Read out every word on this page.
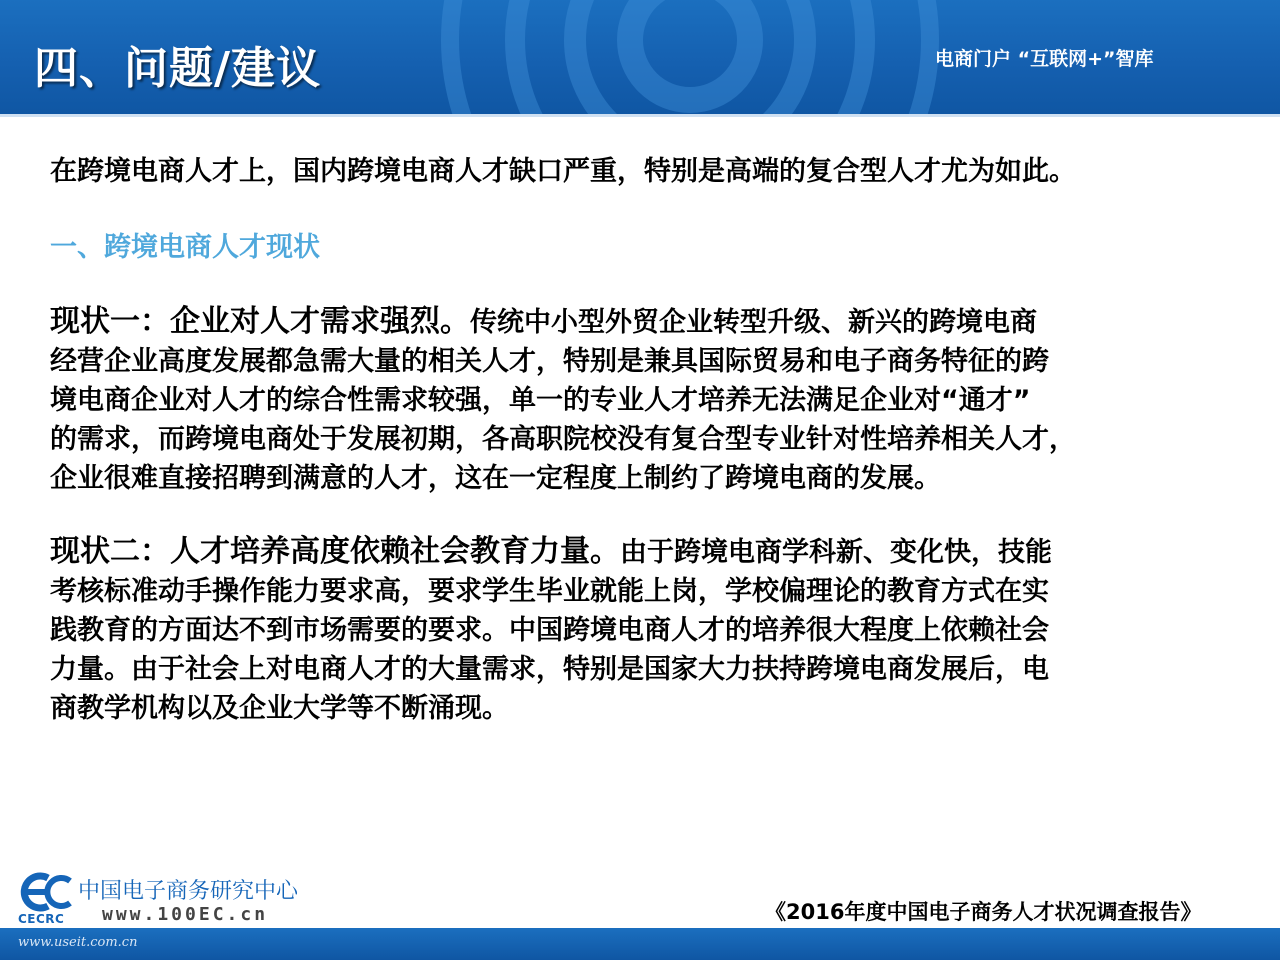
四、问题/建议	电商门户 “互联网+”智库

在跨境电商人才上，国内跨境电商人才缺口严重，特别是高端的复合型人才尤为如此。

一、跨境电商人才现状

现状一：企业对人才需求强烈。传统中小型外贸企业转型升级、新兴的跨境电商
经营企业高度发展都急需大量的相关人才，特别是兼具国际贸易和电子商务特征的跨
境电商企业对人才的综合性需求较强，单一的专业人才培养无法满足企业对“通才”
的需求，而跨境电商处于发展初期，各高职院校没有复合型专业针对性培养相关人才，
企业很难直接招聘到满意的人才，这在一定程度上制约了跨境电商的发展。

现状二：人才培养高度依赖社会教育力量。由于跨境电商学科新、变化快，技能
考核标准动手操作能力要求高，要求学生毕业就能上岗，学校偏理论的教育方式在实
践教育的方面达不到市场需要的要求。中国跨境电商人才的培养很大程度上依赖社会
力量。由于社会上对电商人才的大量需求，特别是国家大力扶持跨境电商发展后，电
商教学机构以及企业大学等不断涌现。

CECRC
中国电子商务研究中心
www.100EC.cn	《2016年度中国电子商务人才状况调查报告》
www.useit.com.cn
